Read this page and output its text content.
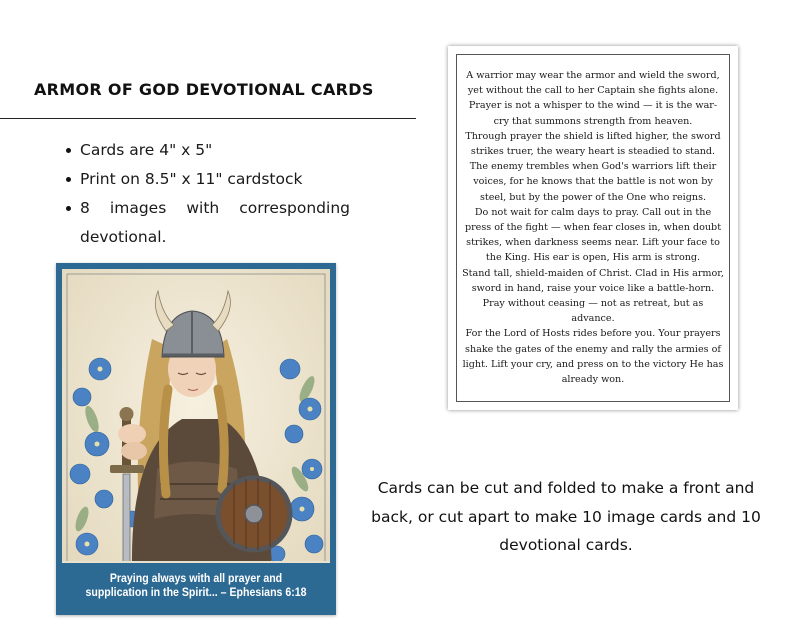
ARMOR OF GOD DEVOTIONAL CARDS
Cards are 4" x 5"
Print on 8.5" x 11" cardstock
8 images with corresponding devotional.
Praying always with all prayer and supplication in the Spirit... – Ephesians 6:18

A warrior may wear the armor and wield the sword, yet without the call to her Captain she fights alone. Prayer is not a whisper to the wind — it is the war-cry that summons strength from heaven.

Through prayer the shield is lifted higher, the sword strikes truer, the weary heart is steadied to stand. The enemy trembles when God's warriors lift their voices, for he knows that the battle is not won by steel, but by the power of the One who reigns.

Do not wait for calm days to pray. Call out in the press of the fight — when fear closes in, when doubt strikes, when darkness seems near. Lift your face to the King. His ear is open, His arm is strong.

Stand tall, shield-maiden of Christ. Clad in His armor, sword in hand, raise your voice like a battle-horn. Pray without ceasing — not as retreat, but as advance.

For the Lord of Hosts rides before you. Your prayers shake the gates of the enemy and rally the armies of light. Lift your cry, and press on to the victory He has already won.

Cards can be cut and folded to make a front and back, or cut apart to make 10 image cards and 10 devotional cards.
